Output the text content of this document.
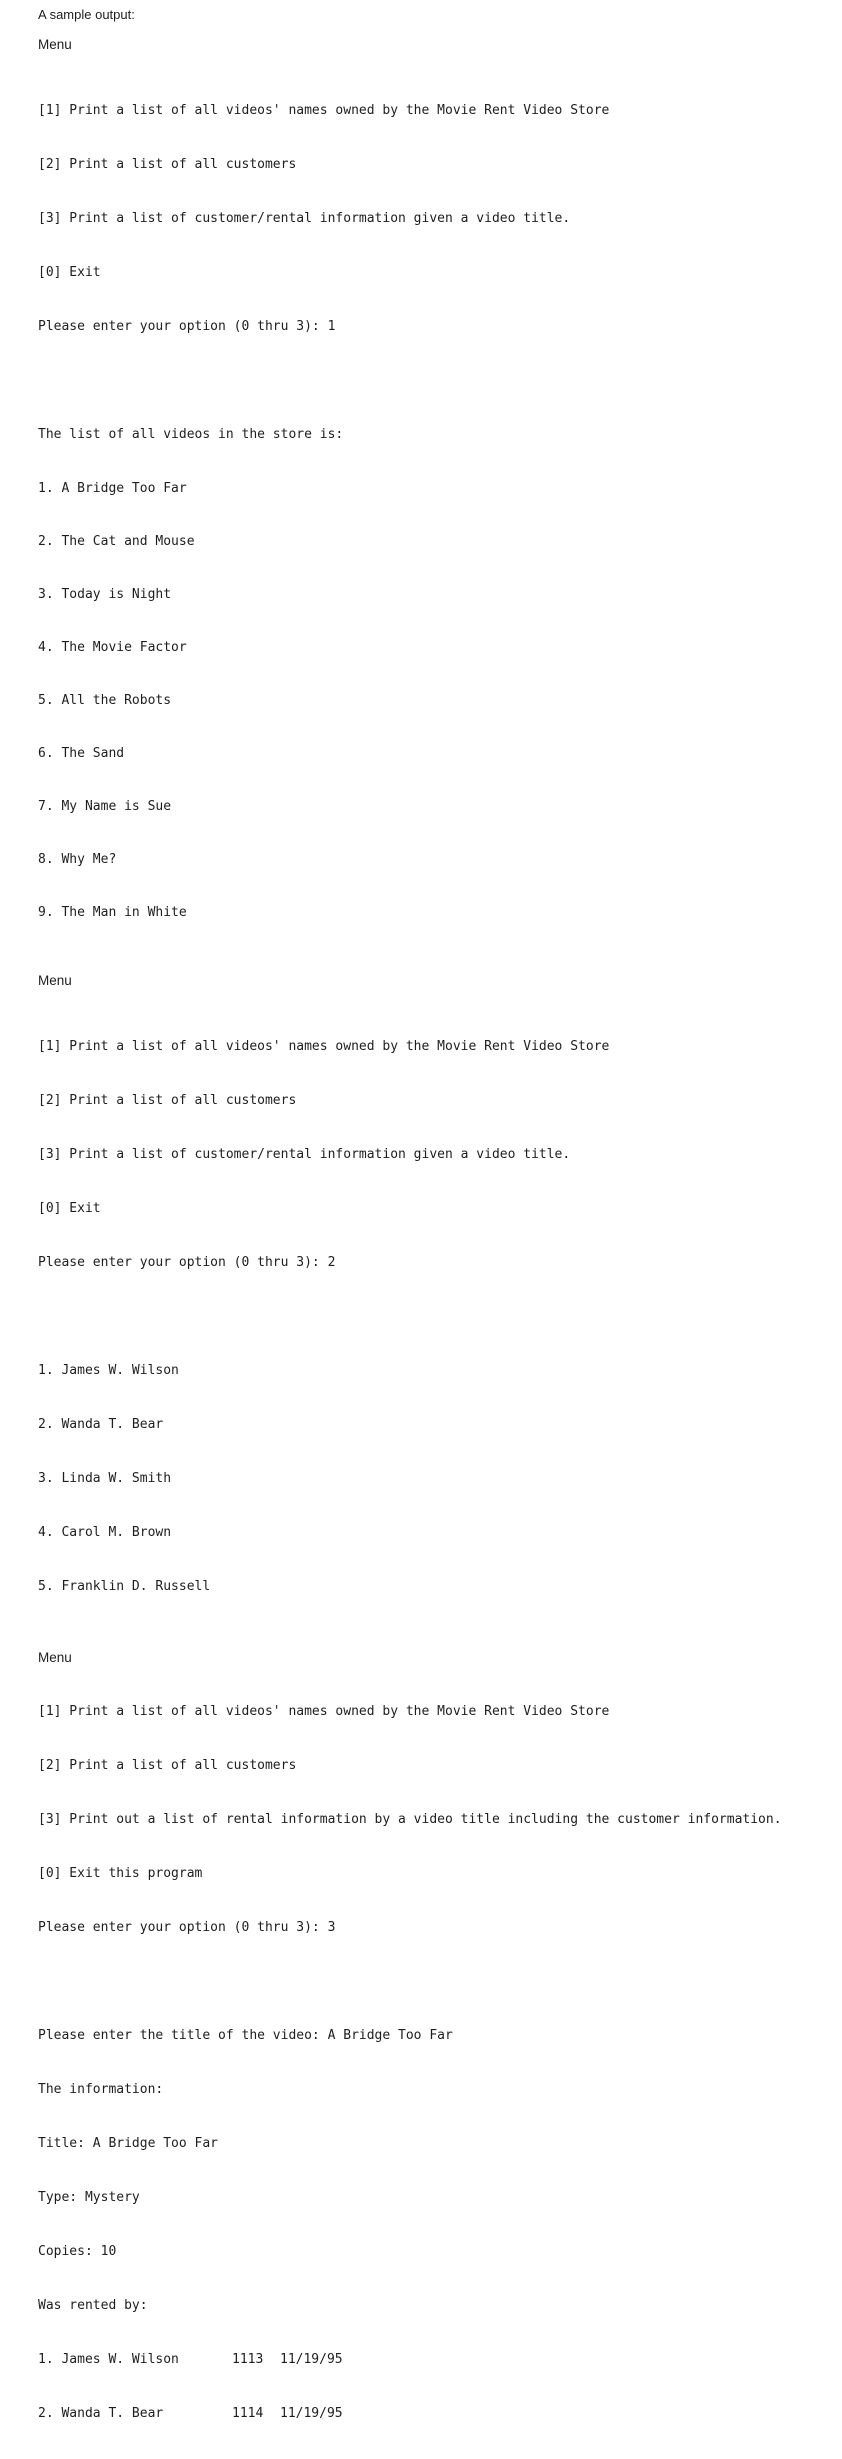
A sample output:
Menu

[1] Print a list of all videos' names owned by the Movie Rent Video Store

[2] Print a list of all customers

[3] Print a list of customer/rental information given a video title.

[0] Exit

Please enter your option (0 thru 3): 1

The list of all videos in the store is:

1. A Bridge Too Far

2. The Cat and Mouse

3. Today is Night

4. The Movie Factor

5. All the Robots

6. The Sand

7. My Name is Sue

8. Why Me?

9. The Man in White

Menu

[1] Print a list of all videos' names owned by the Movie Rent Video Store

[2] Print a list of all customers

[3] Print a list of customer/rental information given a video title.

[0] Exit

Please enter your option (0 thru 3): 2

1. James W. Wilson

2. Wanda T. Bear

3. Linda W. Smith

4. Carol M. Brown

5. Franklin D. Russell

Menu

[1] Print a list of all videos' names owned by the Movie Rent Video Store

[2] Print a list of all customers

[3] Print out a list of rental information by a video title including the customer information.

[0] Exit this program

Please enter your option (0 thru 3): 3

Please enter the title of the video: A Bridge Too Far

The information:

Title: A Bridge Too Far

Type: Mystery

Copies: 10

Was rented by:

1. James W. Wilson	1113	11/19/95

2. Wanda T. Bear	1114	11/19/95
